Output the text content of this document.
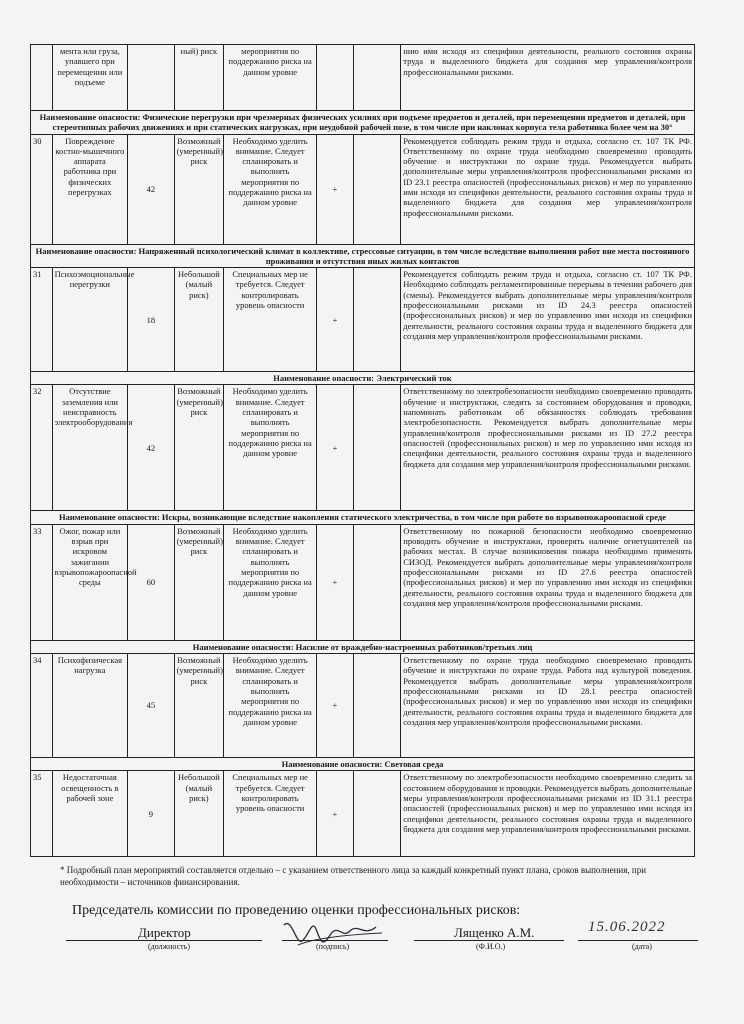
	мента или груза, упавшего при перемещении или подъеме		ный) риск	мероприятия по поддержанию риска на данном уровне			нию ими исходя из специфики деятельности, реального состояния охраны труда и выделенного бюджета для создания мер управления/контроля профессиональными рисками.
Наименование опасности: Физические перегрузки при чрезмерных физических усилиях при подъеме предметов и деталей, при перемещении предметов и деталей, при стереотипных рабочих движениях и при статических нагрузках, при неудобной рабочей позе, в том числе при наклонах корпуса тела работника более чем на 30°							
30	Повреждение костно-мышечного аппарата работника при физических перегрузках	42	Возможный (умеренный) риск	Необходимо уделить внимание. Следует спланировать и выполнять мероприятия по поддержанию риска на данном уровне	+		Рекомендуется соблюдать режим труда и отдыха, согласно ст. 107 ТК РФ. Ответственному по охране труда необходимо своевременно проводить обучение и инструктажи по охране труда. Рекомендуется выбрать дополнительные меры управления/контроля профессиональными рисками из ID 23.1 реестра опасностей (профессиональных рисков) и мер по управлению ими исходя из специфики деятельности, реального состояния охраны труда и выделенного бюджета для создания мер управления/контроля профессиональными рисками.
Наименование опасности: Напряженный психологический климат в коллективе, стрессовые ситуации, в том числе вследствие выполнения работ вне места постоянного проживания и отсутствия иных жилых контактов							
31	Психоэмоциональные перегрузки	18	Небольшой (малый риск)	Специальных мер не требуется. Следует контролировать уровень опасности	+		Рекомендуется соблюдать режим труда и отдыха, согласно ст. 107 ТК РФ. Необходимо соблюдать регламентированные перерывы в течении рабочего дня (смены). Рекомендуется выбрать дополнительные меры управления/контроля профессиональными рисками из ID 24.3 реестра опасностей (профессиональных рисков) и мер по управлению ими исходя из специфики деятельности, реального состояния охраны труда и выделенного бюджета для создания мер управления/контроля профессиональными рисками.
Наименование опасности: Электрический ток							
32	Отсутствие заземления или неисправность электрооборудования	42	Возможный (умеренный) риск	Необходимо уделить внимание. Следует спланировать и выполнять мероприятия по поддержанию риска на данном уровне	+		Ответственному по электробезопасности необходимо своевременно проводить обучение и инструктажи, следить за состоянием оборудования и проводки, напоминать работникам об обязанностях соблюдать требования электробезопасности. Рекомендуется выбрать дополнительные меры управления/контроля профессиональными рисками из ID 27.2 реестра опасностей (профессиональных рисков) и мер по управлению ими исходя из специфики деятельности, реального состояния охраны труда и выделенного бюджета для создания мер управления/контроля профессиональными рисками.
Наименование опасности: Искры, возникающие вследствие накопления статического электричества, в том числе при работе во взрывопожароопасной среде							
33	Ожог, пожар или взрыв при искровом зажигании взрывопожароопасной среды	60	Возможный (умеренный) риск	Необходимо уделить внимание. Следует спланировать и выполнять мероприятия по поддержанию риска на данном уровне	+		Ответственному по пожарной безопасности необходимо своевременно проводить обучение и инструктажи, проверять наличие огнетушителей на рабочих местах. В случае возникновения пожара необходимо применять СИЗОД. Рекомендуется выбрать дополнительные меры управления/контроля профессиональными рисками из ID 27.6 реестра опасностей (профессиональных рисков) и мер по управлению ими исходя из специфики деятельности, реального состояния охраны труда и выделенного бюджета для создания мер управления/контроля профессиональными рисками.
Наименование опасности: Насилие от враждебно-настроенных работников/третьих лиц							
34	Психофизическая нагрузка	45	Возможный (умеренный) риск	Необходимо уделить внимание. Следует спланировать и выполнять мероприятия по поддержанию риска на данном уровне	+		Ответственному по охране труда необходимо своевременно проводить обучение и инструктажи по охране труда. Работа над культурой поведения. Рекомендуется выбрать дополнительные меры управления/контроля профессиональными рисками из ID 28.1 реестра опасностей (профессиональных рисков) и мер по управлению ими исходя из специфики деятельности, реального состояния охраны труда и выделенного бюджета для создания мер управления/контроля профессиональными рисками.
Наименование опасности: Световая среда							
35	Недостаточная освещенность в рабочей зоне	9	Небольшой (малый риск)	Специальных мер не требуется. Следует контролировать уровень опасности	+		Ответственному по электробезопасности необходимо своевременно следить за состоянием оборудования и проводки. Рекомендуется выбрать дополнительные меры управления/контроля профессиональными рисками из ID 31.1 реестра опасностей (профессиональных рисков) и мер по управлению ими исходя из специфики деятельности, реального состояния охраны труда и выделенного бюджета для создания мер управления/контроля профессиональными рисками.
* Подробный план мероприятий составляется отдельно – с указанием ответственного лица за каждый конкретный пункт плана, сроков выполнения, при необходимости – источников финансирования.
Председатель комиссии по проведению оценки профессиональных рисков:
Директор
(должность)	(подпись)
Лященко А.М.
(Ф.И.О.)
15.06.2022
(дата)
